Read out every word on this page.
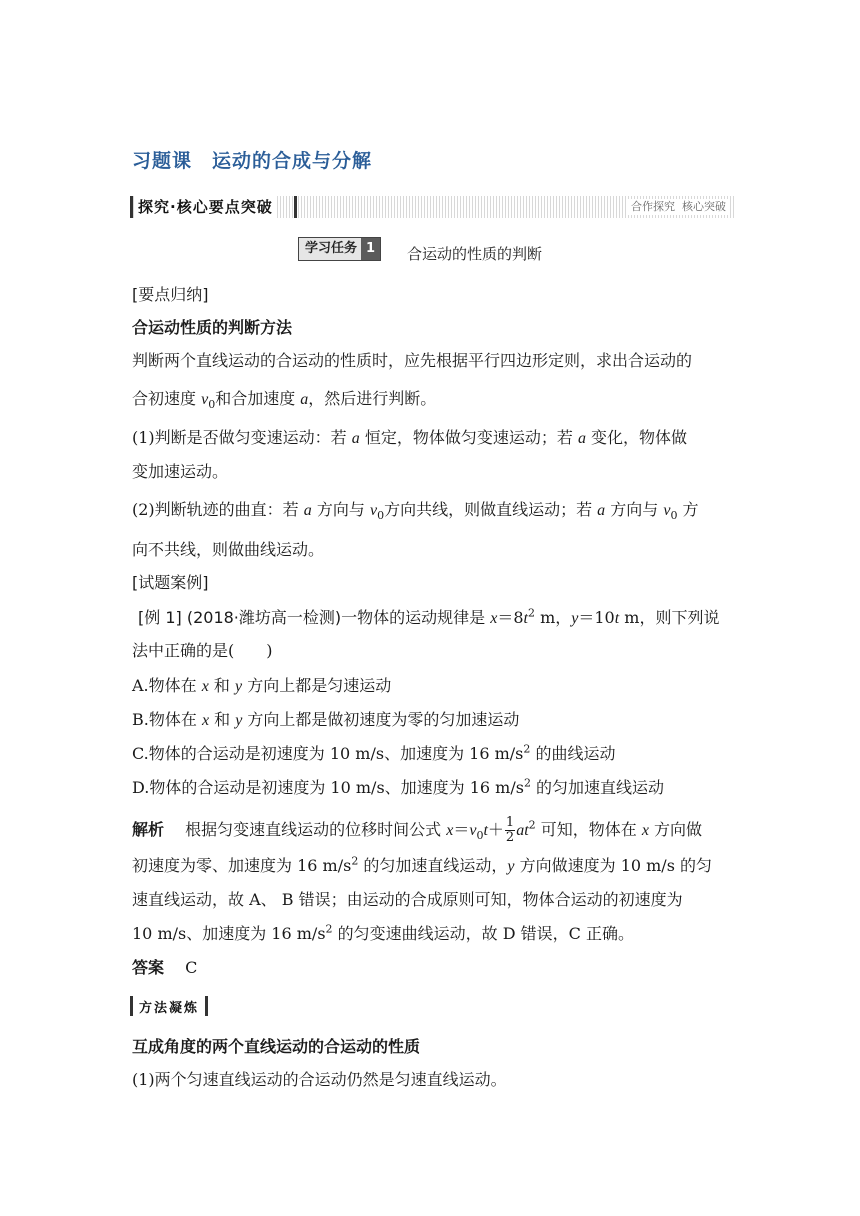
习题课　运动的合成与分解
探究·核心要点突破	合作探究  核心突破
学习任务 1	合运动的性质的判断
[要点归纳]
合运动性质的判断方法
判断两个直线运动的合运动的性质时，应先根据平行四边形定则，求出合运动的
合初速度 $v_0$和合加速度 a，然后进行判断。
(1)判断是否做匀变速运动：若 a 恒定，物体做匀变速运动；若 a 变化，物体做
变加速运动。
(2)判断轨迹的曲直：若 a 方向与 $v_0$方向共线，则做直线运动；若 a 方向与 $v_0$ 方
向不共线，则做曲线运动。
[试题案例]
[例 1] (2018·潍坊高一检测)一物体的运动规律是 $x=8t^2$ m，y＝10t m，则下列说
法中正确的是(　　)
A.物体在 x 和 y 方向上都是匀速运动
B.物体在 x 和 y 方向上都是做初速度为零的匀加速运动
C.物体的合运动是初速度为 10 m/s、加速度为 16 $m/s^2$ 的曲线运动
D.物体的合运动是初速度为 10 m/s、加速度为 16 $m/s^2$ 的匀加速直线运动
解析　 根据匀变速直线运动的位移时间公式 $x=v_0t+ \frac{1}{2} at^2$ 可知，物体在 x 方向做
初速度为零、加速度为 16 $m/s^2$ 的匀加速直线运动，y 方向做速度为 10 m/s 的匀
速直线运动，故 A、 B 错误；由运动的合成原则可知，物体合运动的初速度为
10 m/s、加速度为 16 $m/s^2$ 的匀变速曲线运动，故 D 错误，C 正确。
答案　 C
方法凝炼
互成角度的两个直线运动的合运动的性质
(1)两个匀速直线运动的合运动仍然是匀速直线运动。
